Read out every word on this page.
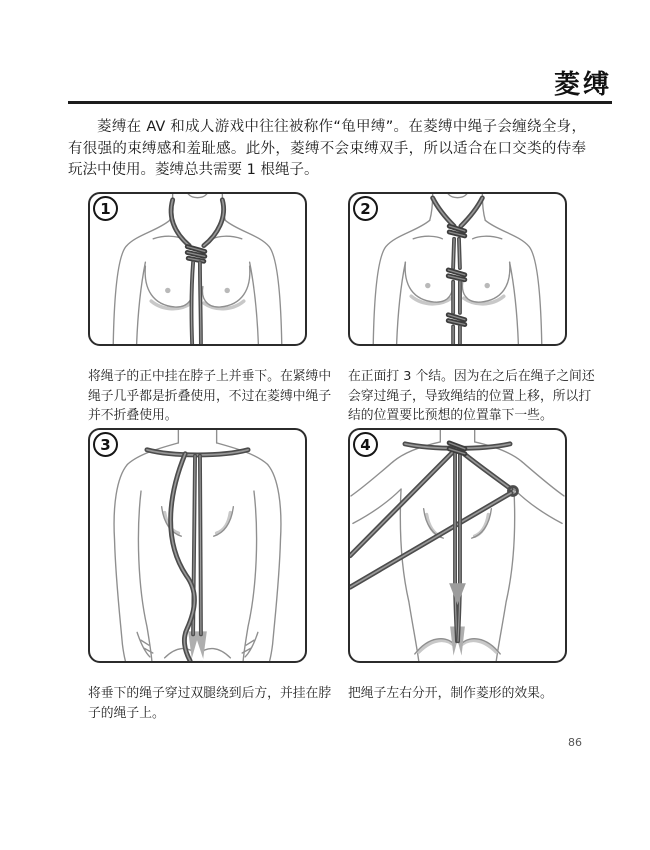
菱缚
菱缚在 AV 和成人游戏中往往被称作“龟甲缚”。在菱缚中绳子会缠绕全身，有很强的束缚感和羞耻感。此外，菱缚不会束缚双手，所以适合在口交类的侍奉玩法中使用。菱缚总共需要 1 根绳子。
将绳子的正中挂在脖子上并垂下。在紧缚中绳子几乎都是折叠使用，不过在菱缚中绳子并不折叠使用。
在正面打 3 个结。因为在之后在绳子之间还会穿过绳子，导致绳结的位置上移，所以打结的位置要比预想的位置靠下一些。
1	2
3	4
将垂下的绳子穿过双腿绕到后方，并挂在脖子的绳子上。
把绳子左右分开，制作菱形的效果。
86
